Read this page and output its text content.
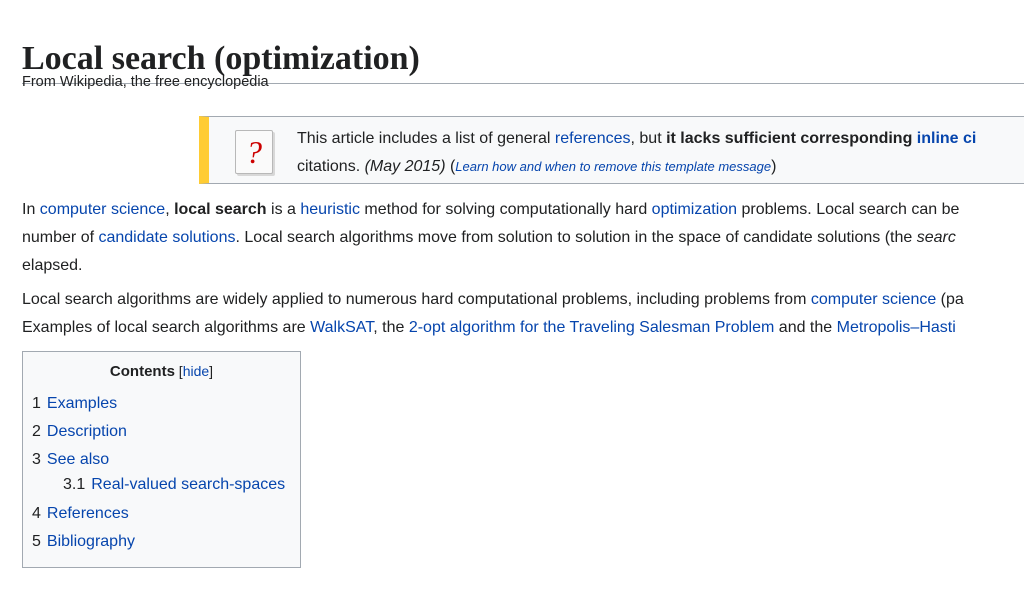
Local search (optimization)
From Wikipedia, the free encyclopedia
?	This article includes a list of general references, but it lacks sufficient corresponding inline ci
citations. (May 2015) (Learn how and when to remove this template message)
In computer science, local search is a heuristic method for solving computationally hard optimization problems. Local search can be
number of candidate solutions. Local search algorithms move from solution to solution in the space of candidate solutions (the searc
elapsed.
Local search algorithms are widely applied to numerous hard computational problems, including problems from computer science (pa
Examples of local search algorithms are WalkSAT, the 2-opt algorithm for the Traveling Salesman Problem and the Metropolis–Hasti
Contents [hide]
1 Examples
2 Description
3 See also
3.1 Real-valued search-spaces
4 References
5 Bibliography
